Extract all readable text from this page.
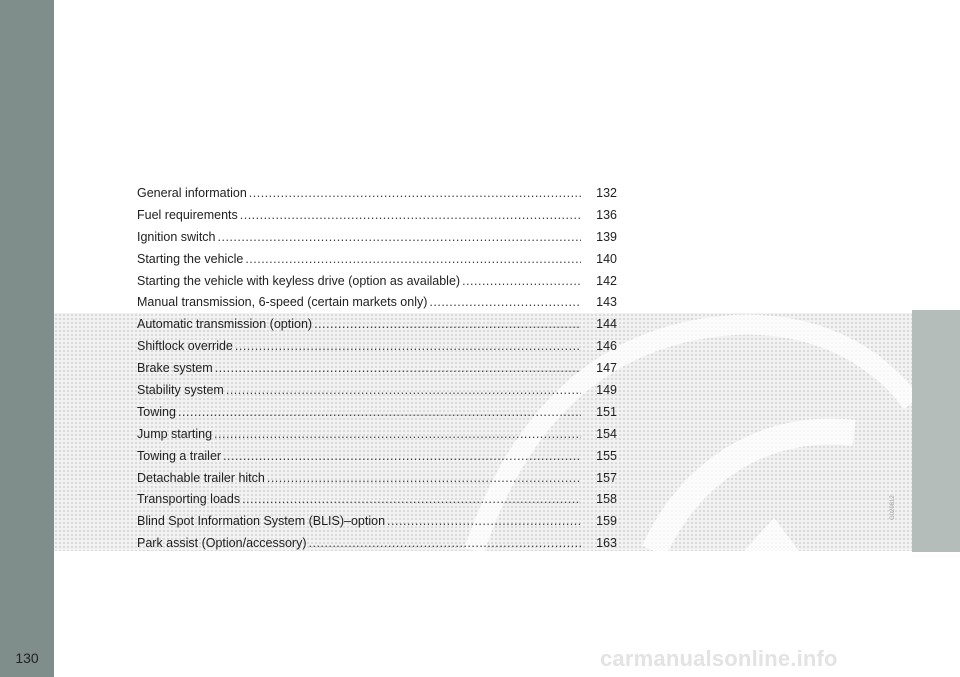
130
G020812
General information .....	132
Fuel requirements .....	136
Ignition switch .....	139
Starting the vehicle .....	140
Starting the vehicle with keyless drive (option as available) .....	142
Manual transmission, 6-speed (certain markets only) .....	143
Automatic transmission (option) .....	144
Shiftlock override .....	146
Brake system .....	147
Stability system .....	149
Towing .....	151
Jump starting .....	154
Towing a trailer .....	155
Detachable trailer hitch .....	157
Transporting loads .....	158
Blind Spot Information System (BLIS)–option .....	159
Park assist (Option/accessory) .....	163
carmanualsonline.info
